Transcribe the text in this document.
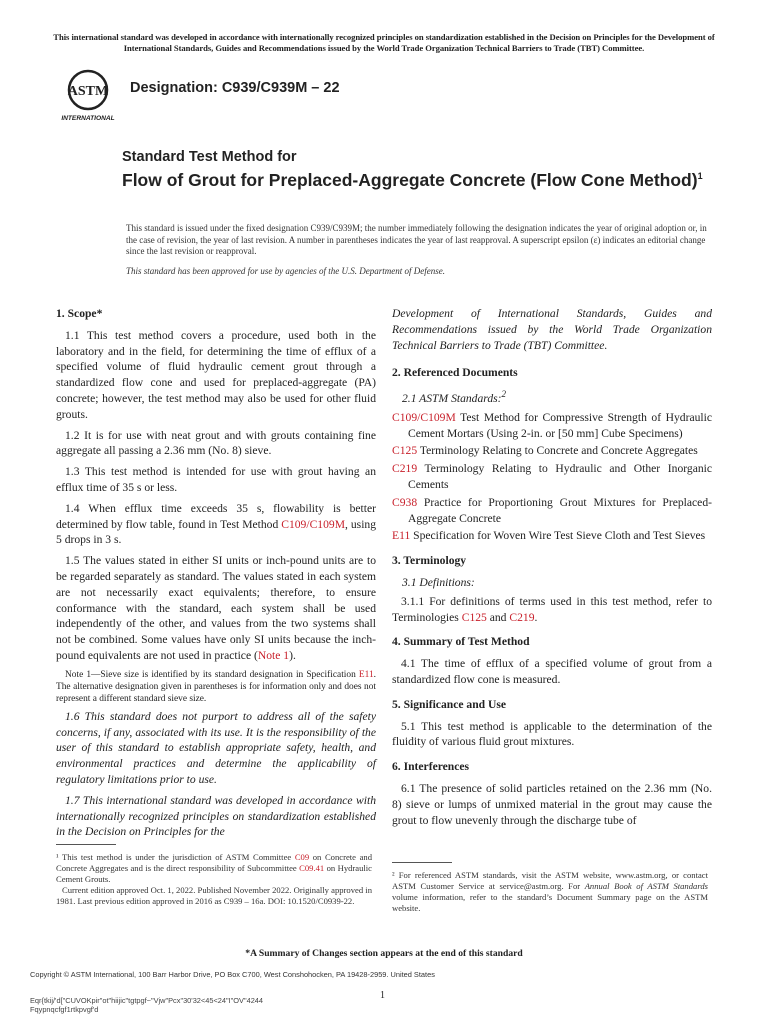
This international standard was developed in accordance with internationally recognized principles on standardization established in the Decision on Principles for the Development of International Standards, Guides and Recommendations issued by the World Trade Organization Technical Barriers to Trade (TBT) Committee.
ASTM
INTERNATIONAL
Designation: C939/C939M – 22
Standard Test Method for
Flow of Grout for Preplaced-Aggregate Concrete (Flow Cone Method)$^1$
This standard is issued under the fixed designation C939/C939M; the number immediately following the designation indicates the year of original adoption or, in the case of revision, the year of last revision. A number in parentheses indicates the year of last reapproval. A superscript epsilon (ε) indicates an editorial change since the last revision or reapproval.
This standard has been approved for use by agencies of the U.S. Department of Defense.
1. Scope*

1.1 This test method covers a procedure, used both in the laboratory and in the field, for determining the time of efflux of a specified volume of fluid hydraulic cement grout through a standardized flow cone and used for preplaced-aggregate (PA) concrete; however, the test method may also be used for other fluid grouts.

1.2 It is for use with neat grout and with grouts containing fine aggregate all passing a 2.36 mm (No. 8) sieve.

1.3 This test method is intended for use with grout having an efflux time of 35 s or less.

1.4 When efflux time exceeds 35 s, flowability is better determined by flow table, found in Test Method C109/C109M, using 5 drops in 3 s.

1.5 The values stated in either SI units or inch-pound units are to be regarded separately as standard. The values stated in each system are not necessarily exact equivalents; therefore, to ensure conformance with the standard, each system shall be used independently of the other, and values from the two systems shall not be combined. Some values have only SI units because the inch-pound equivalents are not used in practice (Note 1).

Note 1—Sieve size is identified by its standard designation in Specification E11. The alternative designation given in parentheses is for information only and does not represent a different standard sieve size.

1.6 This standard does not purport to address all of the safety concerns, if any, associated with its use. It is the responsibility of the user of this standard to establish appropriate safety, health, and environmental practices and determine the applicability of regulatory limitations prior to use.

1.7 This international standard was developed in accordance with internationally recognized principles on standardization established in the Decision on Principles for the

Development of International Standards, Guides and Recommendations issued by the World Trade Organization Technical Barriers to Trade (TBT) Committee.
2. Referenced Documents
2.1 ASTM Standards:$^2$
C109/C109M Test Method for Compressive Strength of Hydraulic Cement Mortars (Using 2-in. or [50 mm] Cube Specimens)
C125 Terminology Relating to Concrete and Concrete Aggregates
C219 Terminology Relating to Hydraulic and Other Inorganic Cements
C938 Practice for Proportioning Grout Mixtures for Preplaced-Aggregate Concrete
E11 Specification for Woven Wire Test Sieve Cloth and Test Sieves
3. Terminology
3.1 Definitions:

3.1.1 For definitions of terms used in this test method, refer to Terminologies C125 and C219.

4. Summary of Test Method

4.1 The time of efflux of a specified volume of grout from a standardized flow cone is measured.

5. Significance and Use

5.1 This test method is applicable to the determination of the fluidity of various fluid grout mixtures.

6. Interferences

6.1 The presence of solid particles retained on the 2.36 mm (No. 8) sieve or lumps of unmixed material in the grout may cause the grout to flow unevenly through the discharge tube of

¹ This test method is under the jurisdiction of ASTM Committee C09 on Concrete and Concrete Aggregates and is the direct responsibility of Subcommittee C09.41 on Hydraulic Cement Grouts.
Current edition approved Oct. 1, 2022. Published November 2022. Originally approved in 1981. Last previous edition approved in 2016 as C939 – 16a. DOI: 10.1520/C0939-22.
² For referenced ASTM standards, visit the ASTM website, www.astm.org, or contact ASTM Customer Service at service@astm.org. For Annual Book of ASTM Standards volume information, refer to the standard’s Document Summary page on the ASTM website.
*A Summary of Changes section appears at the end of this standard
Copyright © ASTM International, 100 Barr Harbor Drive, PO Box C700, West Conshohocken, PA 19428-2959. United States
1
Eqr{tkij/'d["CUVOKpir"ot"hiijic"tgtpgf~"Vjw"Pcx"30'32<45<24"I"OV"4244
Fqypnqcfgf1rtkpvgf'd
